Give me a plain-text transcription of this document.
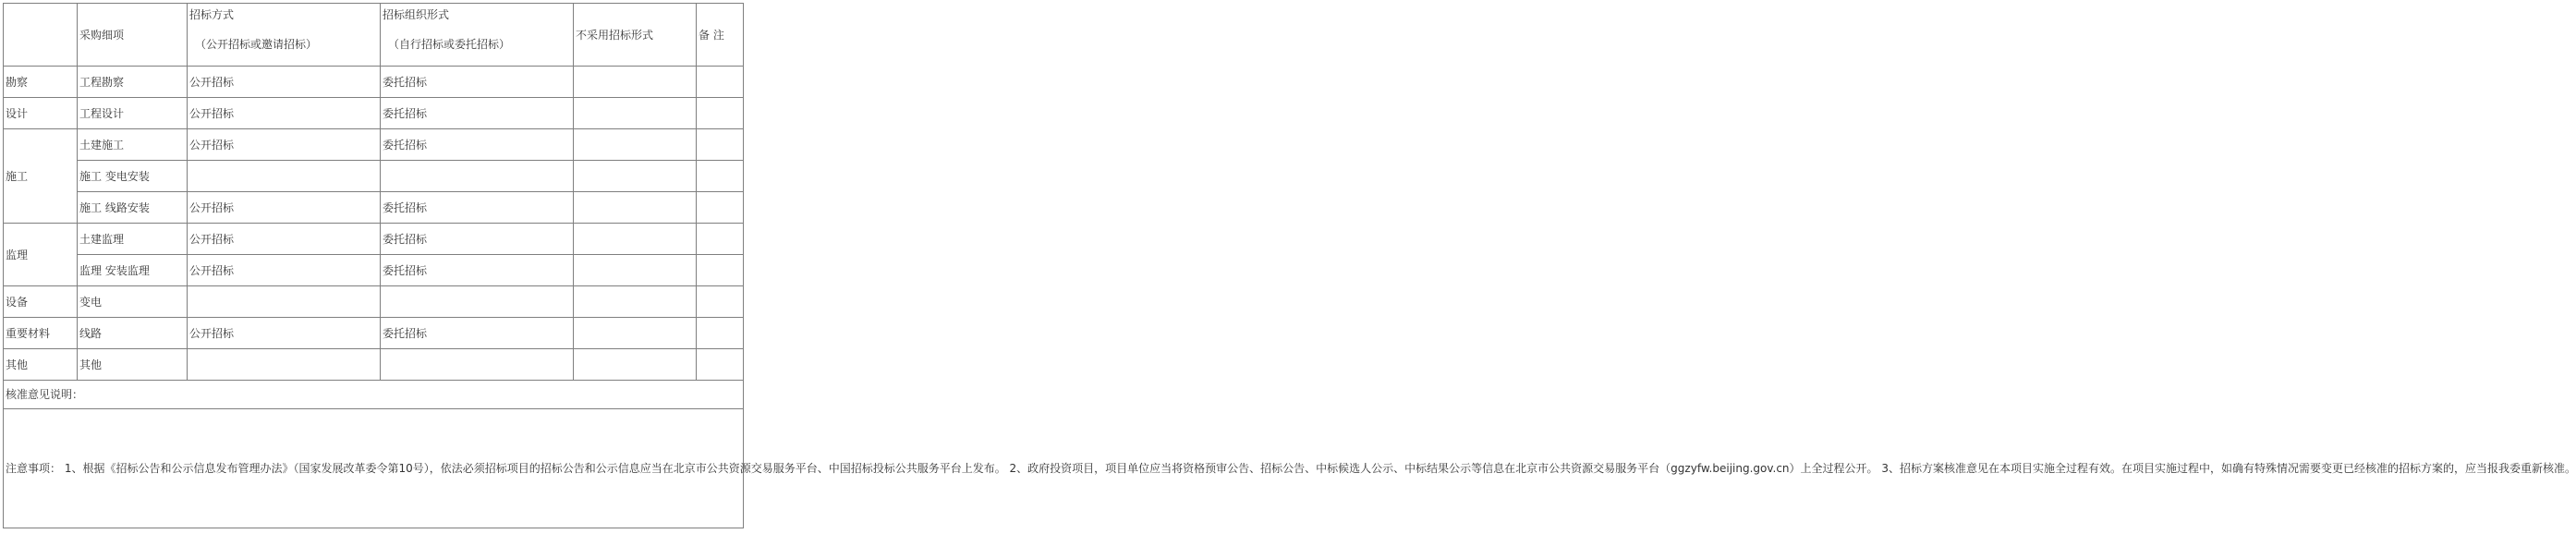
	采购细项	招标方式
（公开招标或邀请招标）	招标组织形式
（自行招标或委托招标）	不采用招标形式	备 注
勘察	工程勘察	公开招标	委托招标		
设计	工程设计	公开招标	委托招标		
施工	土建施工	公开招标	委托招标		
	施工 变电安装				
	施工 线路安装	公开招标	委托招标		
监理	土建监理	公开招标	委托招标		
	监理 安装监理	公开招标	委托招标		
设备	变电				
重要材料	线路	公开招标	委托招标		
其他	其他				
核准意见说明：					
注意事项： 1、根据《招标公告和公示信息发布管理办法》（国家发展改革委令第10号），依法必须招标项目的招标公告和公示信息应当在北京市公共资源交易服务平台、中国招标投标公共服务平台上发布。 2、政府投资项目，项目单位应当将资格预审公告、招标公告、中标候选人公示、中标结果公示等信息在北京市公共资源交易服务平台（ggzyfw.beijing.gov.cn）上全过程公开。 3、招标方案核准意见在本项目实施全过程有效。在项目实施过程中，如确有特殊情况需要变更已经核准的招标方案的，应当报我委重新核准。					
